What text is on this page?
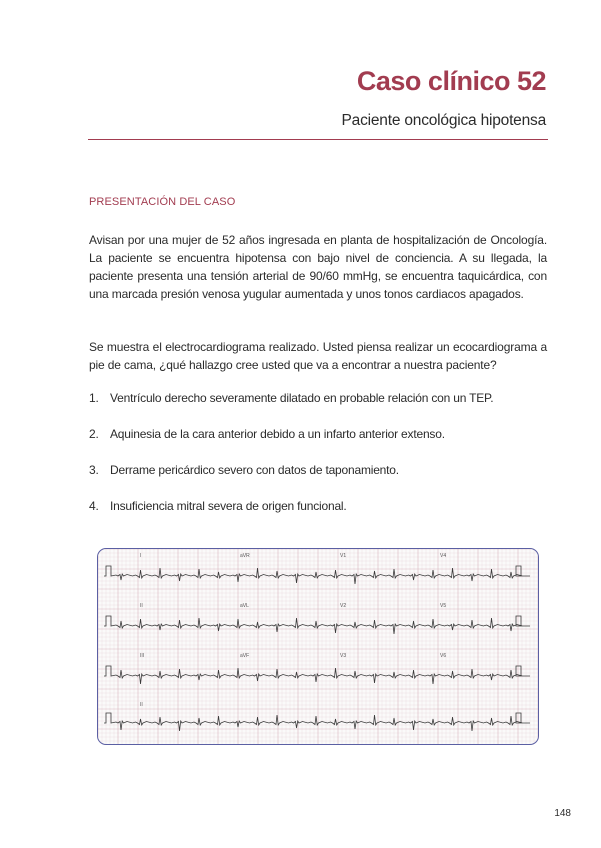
Caso clínico 52
Paciente oncológica hipotensa
PRESENTACIÓN DEL CASO

Avisan por una mujer de 52 años ingresada en planta de hospitalización de Oncología. La paciente se encuentra hipotensa con bajo nivel de conciencia. A su llegada, la paciente presenta una tensión arterial de 90/60 mmHg, se encuentra taquicárdica, con una marcada presión venosa yugular aumentada y unos tonos cardiacos apagados.

Se muestra el electrocardiograma realizado. Usted piensa realizar un ecocardiograma a pie de cama, ¿qué hallazgo cree usted que va a encontrar a nuestra paciente?

1. Ventrículo derecho severamente dilatado en probable relación con un TEP.
2. Aquinesia de la cara anterior debido a un infarto anterior extenso.
3. Derrame pericárdico severo con datos de taponamiento.
4. Insuficiencia mitral severa de origen funcional.
I	aVR	V1	V4
II	aVL	V2	V5
III	aVF	V3	V6
II
148
